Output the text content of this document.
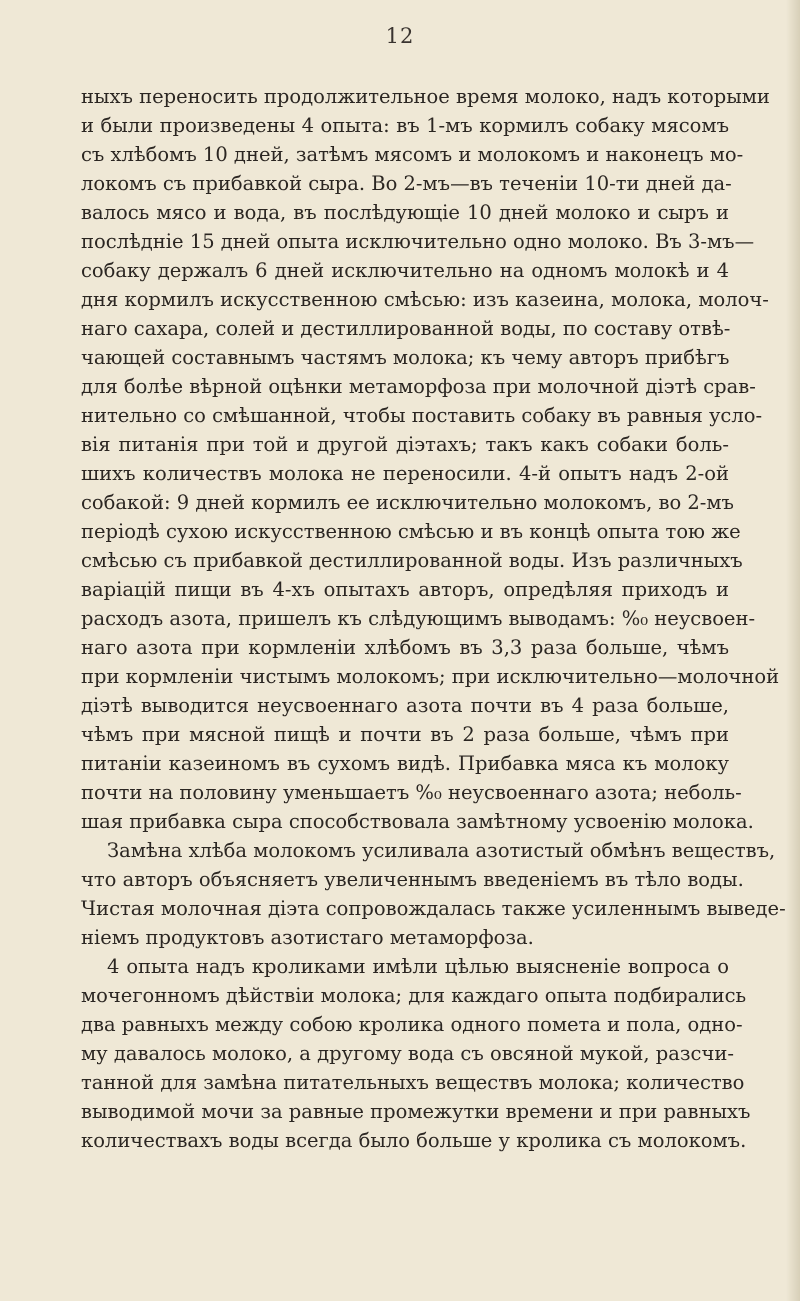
12
ныхъ переносить продолжительное время молоко, надъ которыми
и были произведены 4 опыта: въ 1-мъ кормилъ собаку мясомъ
съ хлѣбомъ 10 дней, затѣмъ мясомъ и молокомъ и наконецъ мо-
локомъ съ прибавкой сыра. Во 2-мъ—въ теченіи 10-ти дней да-
валось мясо и вода, въ послѣдующіе 10 дней молоко и сыръ и
послѣдніе 15 дней опыта исключительно одно молоко. Въ 3-мъ—
собаку держалъ 6 дней исключительно на одномъ молокѣ и 4
дня кормилъ искусственною смѣсью: изъ казеина, молока, молоч-
наго сахара, солей и дестиллированной воды, по составу отвѣ-
чающей составнымъ частямъ молока; къ чему авторъ прибѣгъ
для болѣе вѣрной оцѣнки метаморфоза при молочной діэтѣ срав-
нительно со смѣшанной, чтобы поставить собаку въ равныя усло-
вія питанія при той и другой діэтахъ; такъ какъ собаки боль-
шихъ количествъ молока не переносили. 4-й опытъ надъ 2-ой
собакой: 9 дней кормилъ ее исключительно молокомъ, во 2-мъ
періодѣ сухою искусственною смѣсью и въ концѣ опыта тою же
смѣсью съ прибавкой дестиллированной воды. Изъ различныхъ
варіацій пищи въ 4-хъ опытахъ авторъ, опредѣляя приходъ и
расходъ азота, пришелъ къ слѣдующимъ выводамъ: %₀ неусвоен-
наго азота при кормленіи хлѣбомъ въ 3,3 раза больше, чѣмъ
при кормленіи чистымъ молокомъ; при исключительно—молочной
діэтѣ выводится неусвоеннаго азота почти въ 4 раза больше,
чѣмъ при мясной пищѣ и почти въ 2 раза больше, чѣмъ при
питаніи казеиномъ въ сухомъ видѣ. Прибавка мяса къ молоку
почти на половину уменьшаетъ %₀ неусвоеннаго азота; неболь-
шая прибавка сыра способствовала замѣтному усвоенію молока.
Замѣна хлѣба молокомъ усиливала азотистый обмѣнъ веществъ,
что авторъ объясняетъ увеличеннымъ введеніемъ въ тѣло воды.
Чистая молочная діэта сопровождалась также усиленнымъ выведе-
ніемъ продуктовъ азотистаго метаморфоза.
4 опыта надъ кроликами имѣли цѣлью выясненіе вопроса о
мочегонномъ дѣйствіи молока; для каждаго опыта подбирались
два равныхъ между собою кролика одного помета и пола, одно-
му давалось молоко, а другому вода съ овсяной мукой, разсчи-
танной для замѣна питательныхъ веществъ молока; количество
выводимой мочи за равные промежутки времени и при равныхъ
количествахъ воды всегда было больше у кролика съ молокомъ.
